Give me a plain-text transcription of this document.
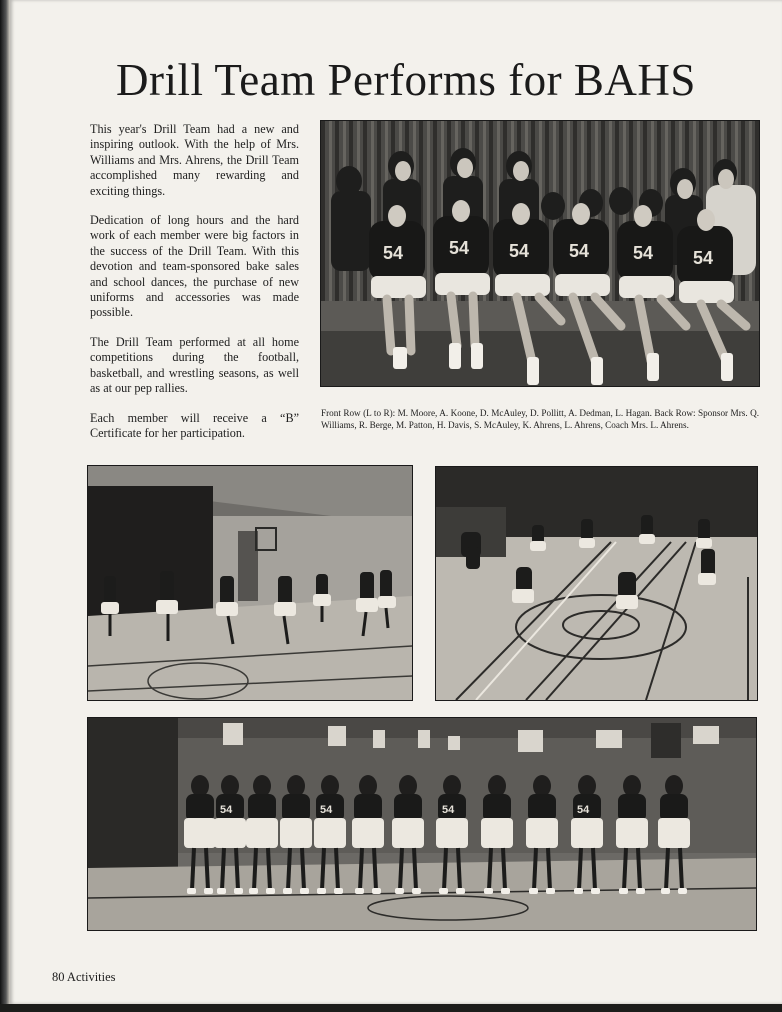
Drill Team Performs for BAHS

This year's Drill Team had a new and inspiring outlook. With the help of Mrs. Williams and Mrs. Ahrens, the Drill Team accomplished many rewarding and exciting things.

Dedication of long hours and the hard work of each member were big factors in the success of the Drill Team. With this devotion and team-sponsored bake sales and school dances, the purchase of new uniforms and accessories was made possible.

The Drill Team performed at all home competitions during the football, basketball, and wrestling seasons, as well as at our pep rallies.

Each member will receive a “B” Certificate for her participation.

54	54 54 54 54 54

Front Row (L to R): M. Moore, A. Koone, D. McAuley, D. Pollitt, A. Dedman, L. Hagan. Back Row: Sponsor Mrs. Q. Williams, R. Berge, M. Patton, H. Davis, S. McAuley, K. Ahrens, L. Ahrens, Coach Mrs. L. Ahrens.

54	54	54	54
80 Activities
